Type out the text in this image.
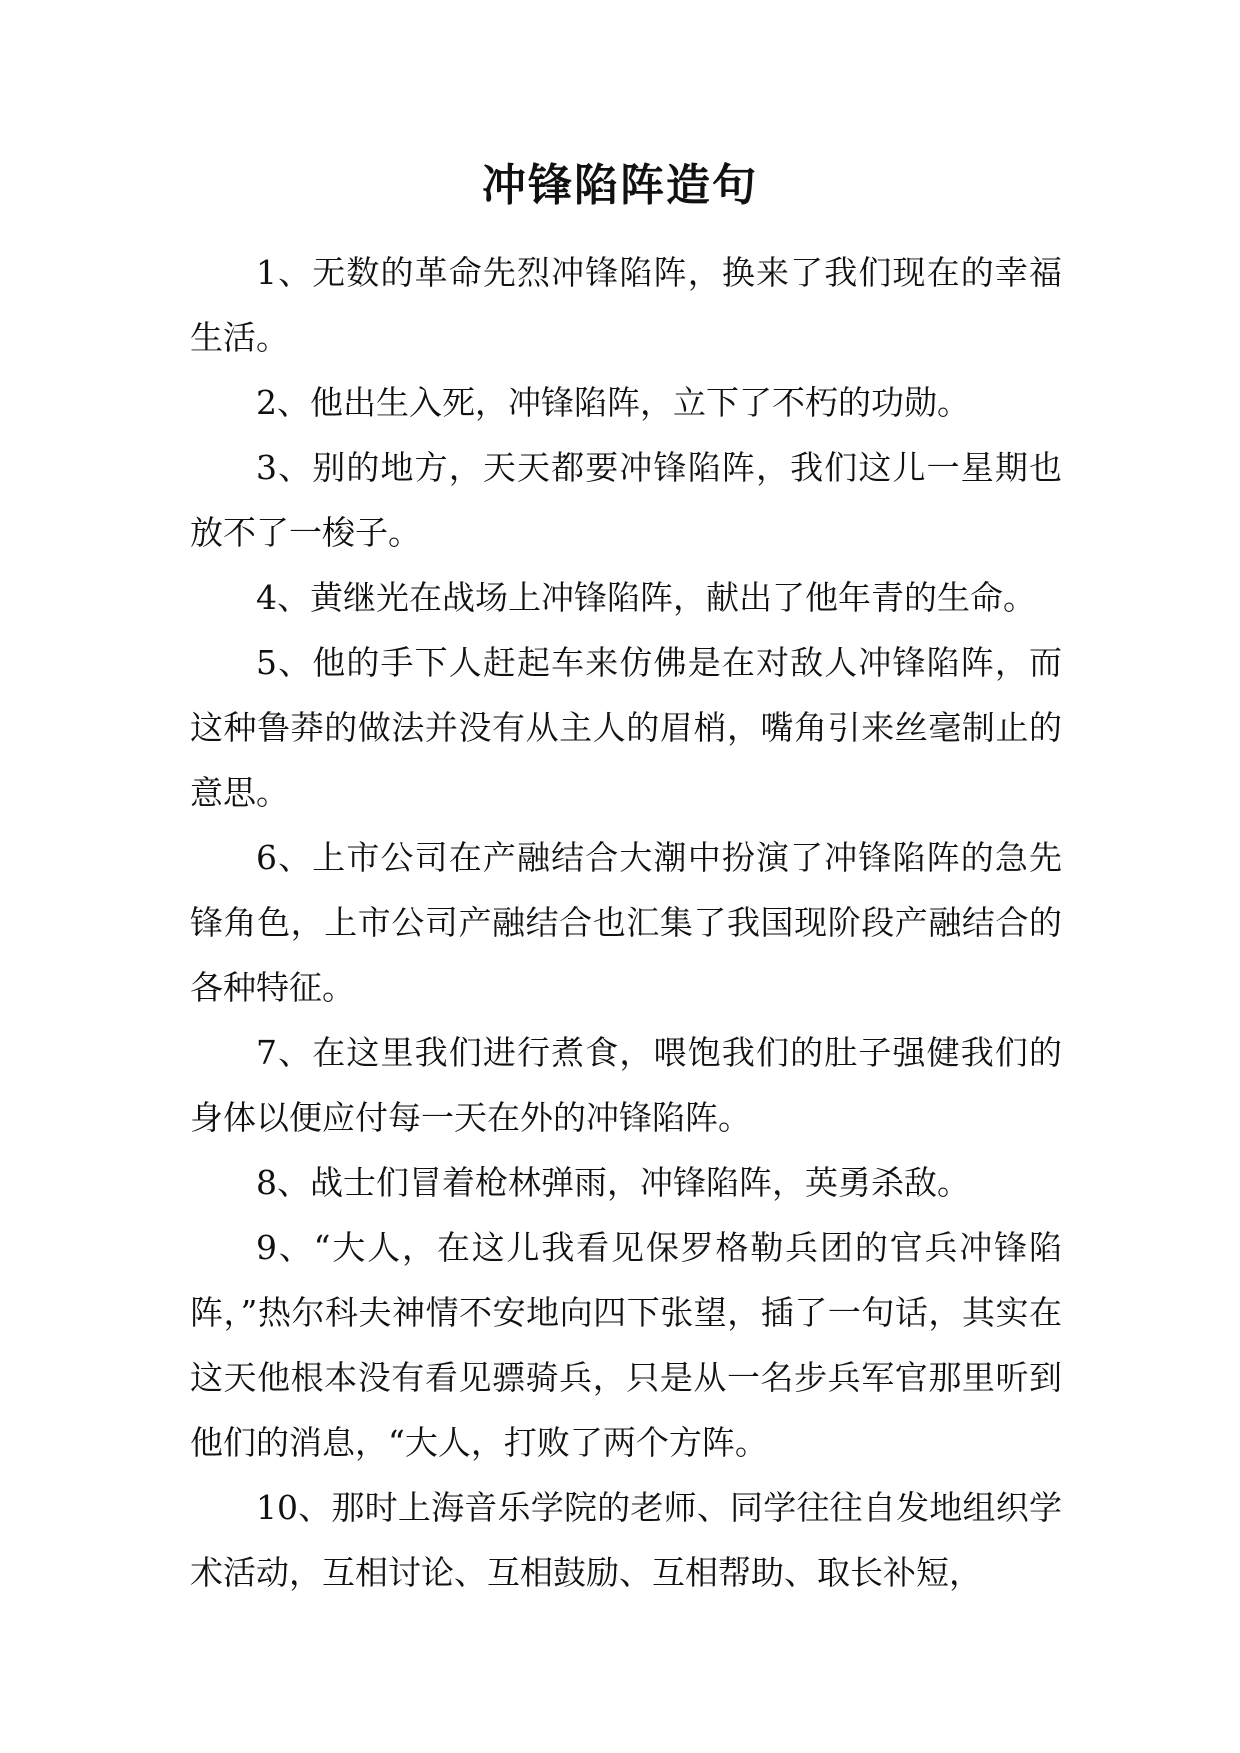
冲锋陷阵造句

1、无数的革命先烈冲锋陷阵，换来了我们现在的幸福生活。

2、他出生入死，冲锋陷阵，立下了不朽的功勋。

3、别的地方，天天都要冲锋陷阵，我们这儿一星期也放不了一梭子。

4、黄继光在战场上冲锋陷阵，献出了他年青的生命。

5、他的手下人赶起车来仿佛是在对敌人冲锋陷阵，而这种鲁莽的做法并没有从主人的眉梢，嘴角引来丝毫制止的意思。

6、上市公司在产融结合大潮中扮演了冲锋陷阵的急先锋角色，上市公司产融结合也汇集了我国现阶段产融结合的各种特征。

7、在这里我们进行煮食，喂饱我们的肚子强健我们的身体以便应付每一天在外的冲锋陷阵。

8、战士们冒着枪林弹雨，冲锋陷阵，英勇杀敌。

9、“大人，在这儿我看见保罗格勒兵团的官兵冲锋陷阵，”热尔科夫神情不安地向四下张望，插了一句话，其实在这天他根本没有看见骠骑兵，只是从一名步兵军官那里听到他们的消息，“大人，打败了两个方阵。

10、那时上海音乐学院的老师、同学往往自发地组织学术活动，互相讨论、互相鼓励、互相帮助、取长补短，
